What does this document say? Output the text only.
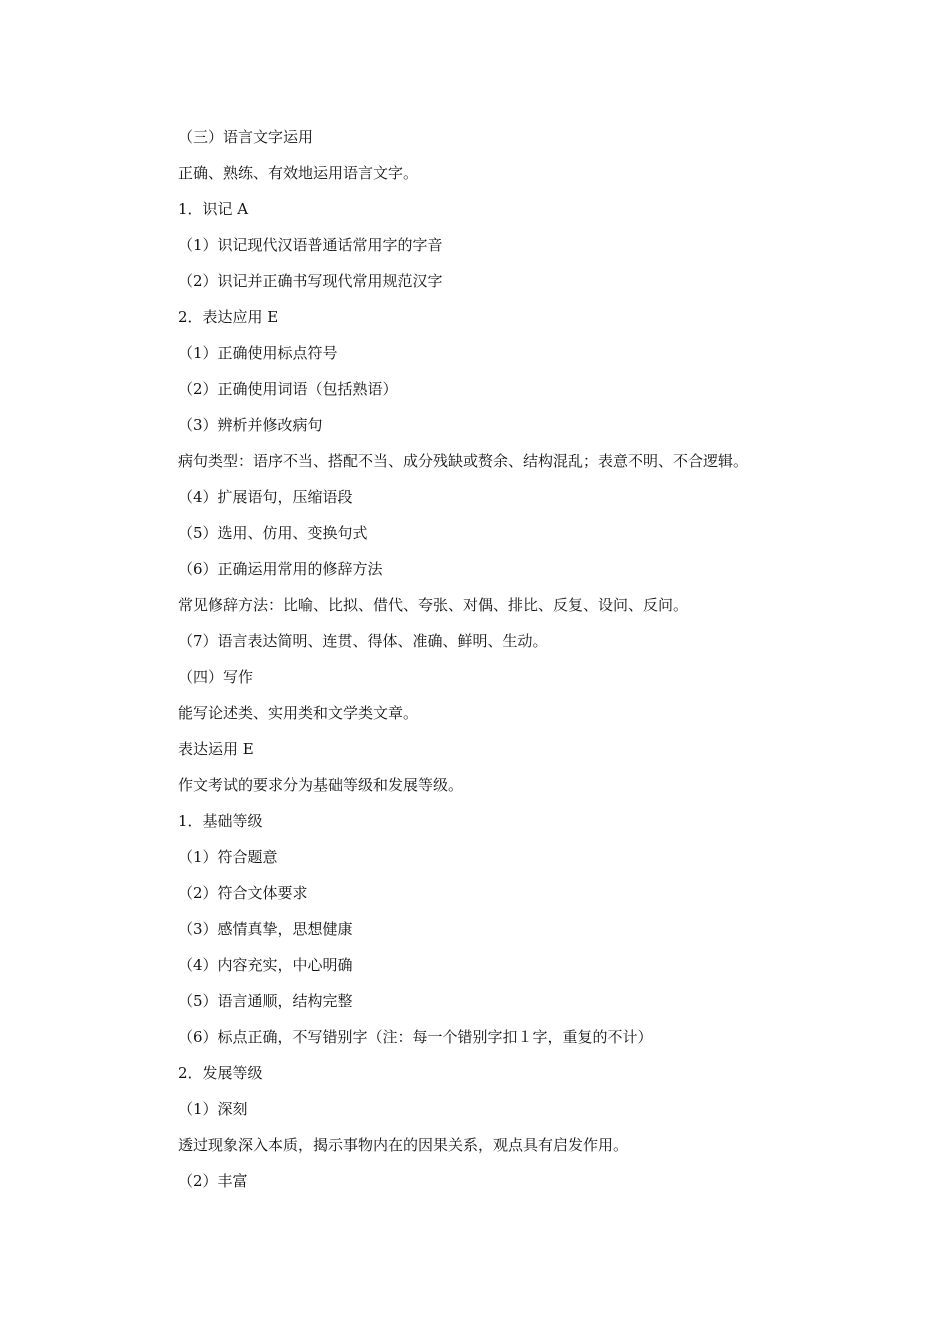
（三）语言文字运用
正确、熟练、有效地运用语言文字。
1．识记 A
（1）识记现代汉语普通话常用字的字音
（2）识记并正确书写现代常用规范汉字
2．表达应用 E
（1）正确使用标点符号
（2）正确使用词语（包括熟语）
（3）辨析并修改病句
病句类型：语序不当、搭配不当、成分残缺或赘余、结构混乱；表意不明、不合逻辑。
（4）扩展语句，压缩语段
（5）选用、仿用、变换句式
（6）正确运用常用的修辞方法
常见修辞方法：比喻、比拟、借代、夸张、对偶、排比、反复、设问、反问。
（7）语言表达简明、连贯、得体、准确、鲜明、生动。
（四）写作
能写论述类、实用类和文学类文章。
表达运用 E
作文考试的要求分为基础等级和发展等级。
1．基础等级
（1）符合题意
（2）符合文体要求
（3）感情真挚，思想健康
（4）内容充实，中心明确
（5）语言通顺，结构完整
（6）标点正确，不写错别字（注：每一个错别字扣１字，重复的不计）
2．发展等级
（1）深刻
透过现象深入本质，揭示事物内在的因果关系，观点具有启发作用。
（2）丰富
